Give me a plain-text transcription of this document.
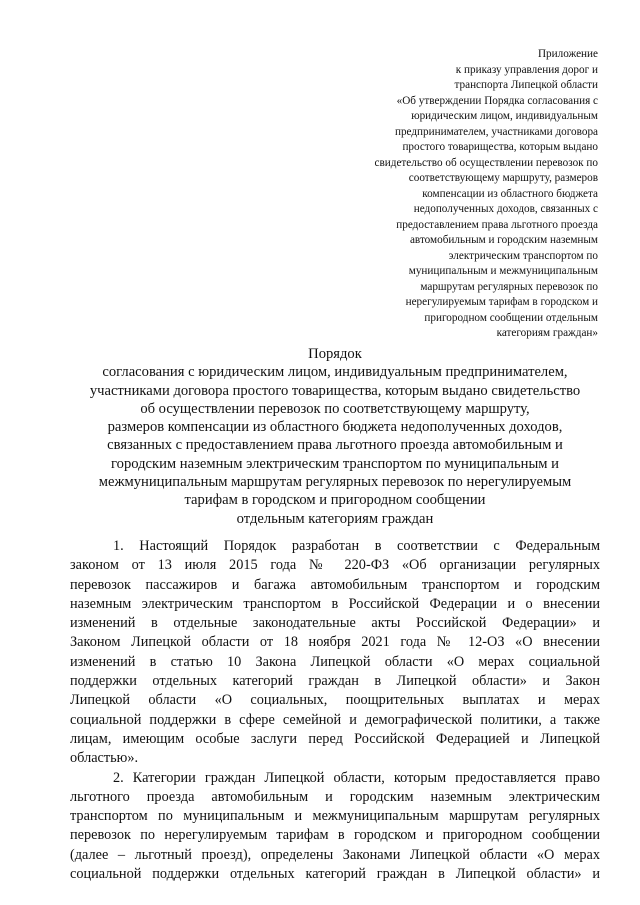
Приложение
к приказу управления дорог и
транспорта Липецкой области
«Об утверждении Порядка согласования с
юридическим лицом, индивидуальным
предпринимателем, участниками договора
простого товарищества, которым выдано
свидетельство об осуществлении перевозок по
соответствующему маршруту, размеров
компенсации из областного бюджета
недополученных доходов, связанных с
предоставлением права льготного проезда
автомобильным и городским наземным
электрическим транспортом по
муниципальным и межмуниципальным
маршрутам регулярных перевозок по
нерегулируемым тарифам в городском и
пригородном сообщении отдельным
категориям граждан»
Порядок
согласования с юридическим лицом, индивидуальным предпринимателем,
участниками договора простого товарищества, которым выдано свидетельство
об осуществлении перевозок по соответствующему маршруту,
размеров компенсации из областного бюджета недополученных доходов,
связанных с предоставлением права льготного проезда автомобильным и
городским наземным электрическим транспортом по муниципальным и
межмуниципальным маршрутам регулярных перевозок по нерегулируемым
тарифам в городском и пригородном сообщении
отдельным категориям граждан
1. Настоящий Порядок разработан в соответствии с Федеральным
законом от 13 июля 2015 года № 220-ФЗ «Об организации регулярных
перевозок пассажиров и багажа автомобильным транспортом и городским
наземным электрическим транспортом в Российской Федерации и о внесении
изменений в отдельные законодательные акты Российской Федерации» и
Законом Липецкой области от 18 ноября 2021 года № 12-ОЗ «О внесении
изменений в статью 10 Закона Липецкой области «О мерах социальной
поддержки отдельных категорий граждан в Липецкой области» и Закон
Липецкой области «О социальных, поощрительных выплатах и мерах
социальной поддержки в сфере семейной и демографической политики, а также
лицам, имеющим особые заслуги перед Российской Федерацией и Липецкой
областью».
2. Категории граждан Липецкой области, которым предоставляется право
льготного проезда автомобильным и городским наземным электрическим
транспортом по муниципальным и межмуниципальным маршрутам регулярных
перевозок по нерегулируемым тарифам в городском и пригородном сообщении
(далее – льготный проезд), определены Законами Липецкой области «О мерах
социальной поддержки отдельных категорий граждан в Липецкой области» и
